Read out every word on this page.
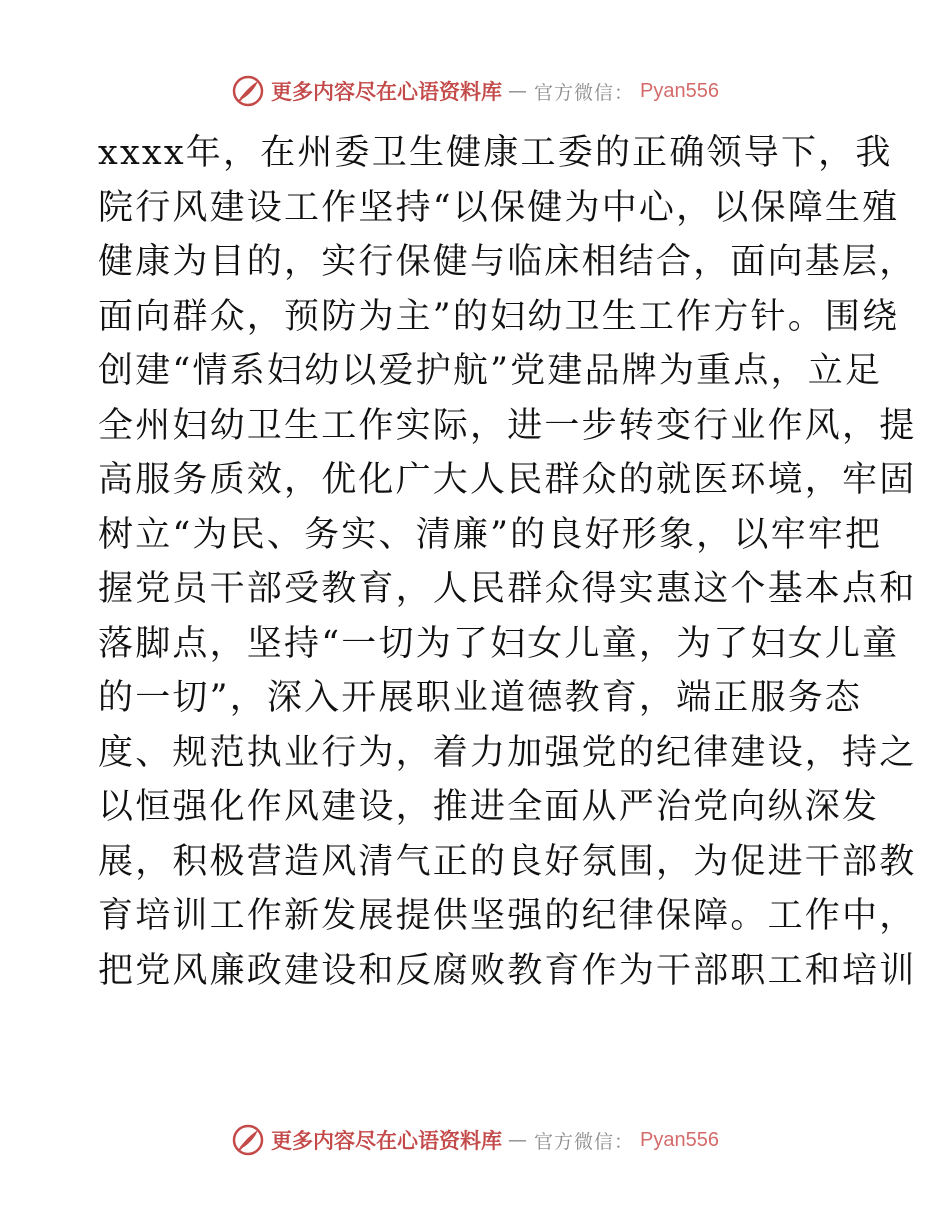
更多内容尽在心语资料库 — 官方微信： Pyan556
xxxx年，在州委卫生健康工委的正确领导下，我
院行风建设工作坚持“以保健为中心，以保障生殖
健康为目的，实行保健与临床相结合，面向基层，
面向群众，预防为主”的妇幼卫生工作方针。围绕
创建“情系妇幼以爱护航”党建品牌为重点，立足
全州妇幼卫生工作实际，进一步转变行业作风，提
高服务质效，优化广大人民群众的就医环境，牢固
树立“为民、务实、清廉”的良好形象，以牢牢把
握党员干部受教育，人民群众得实惠这个基本点和
落脚点，坚持“一切为了妇女儿童，为了妇女儿童
的一切”，深入开展职业道德教育，端正服务态
度、规范执业行为，着力加强党的纪律建设，持之
以恒强化作风建设，推进全面从严治党向纵深发
展，积极营造风清气正的良好氛围，为促进干部教
育培训工作新发展提供坚强的纪律保障。工作中，
把党风廉政建设和反腐败教育作为干部职工和培训
更多内容尽在心语资料库 — 官方微信： Pyan556
